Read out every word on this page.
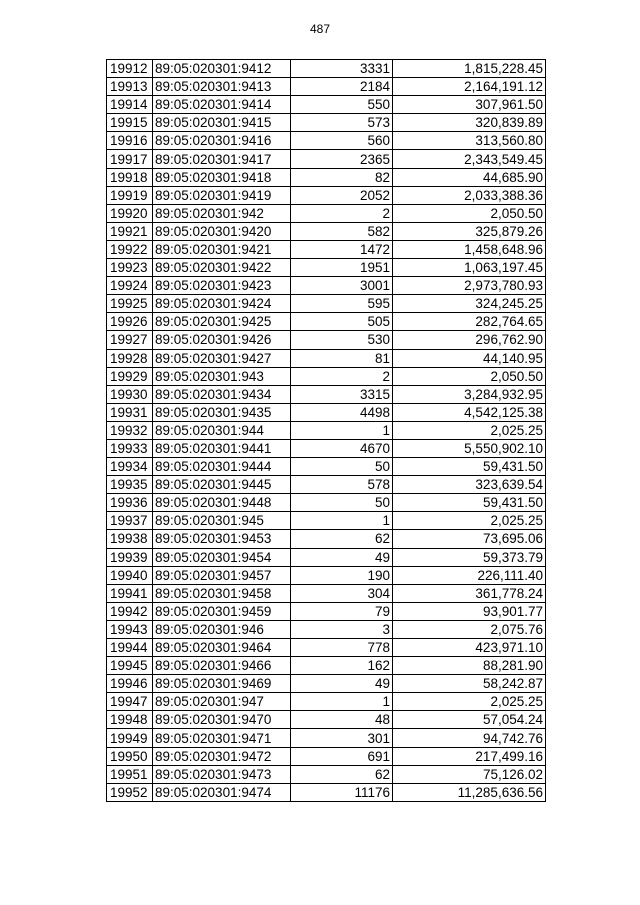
487
19912	89:05:020301:9412	3331	1,815,228.45
19913	89:05:020301:9413	2184	2,164,191.12
19914	89:05:020301:9414	550	307,961.50
19915	89:05:020301:9415	573	320,839.89
19916	89:05:020301:9416	560	313,560.80
19917	89:05:020301:9417	2365	2,343,549.45
19918	89:05:020301:9418	82	44,685.90
19919	89:05:020301:9419	2052	2,033,388.36
19920	89:05:020301:942	2	2,050.50
19921	89:05:020301:9420	582	325,879.26
19922	89:05:020301:9421	1472	1,458,648.96
19923	89:05:020301:9422	1951	1,063,197.45
19924	89:05:020301:9423	3001	2,973,780.93
19925	89:05:020301:9424	595	324,245.25
19926	89:05:020301:9425	505	282,764.65
19927	89:05:020301:9426	530	296,762.90
19928	89:05:020301:9427	81	44,140.95
19929	89:05:020301:943	2	2,050.50
19930	89:05:020301:9434	3315	3,284,932.95
19931	89:05:020301:9435	4498	4,542,125.38
19932	89:05:020301:944	1	2,025.25
19933	89:05:020301:9441	4670	5,550,902.10
19934	89:05:020301:9444	50	59,431.50
19935	89:05:020301:9445	578	323,639.54
19936	89:05:020301:9448	50	59,431.50
19937	89:05:020301:945	1	2,025.25
19938	89:05:020301:9453	62	73,695.06
19939	89:05:020301:9454	49	59,373.79
19940	89:05:020301:9457	190	226,111.40
19941	89:05:020301:9458	304	361,778.24
19942	89:05:020301:9459	79	93,901.77
19943	89:05:020301:946	3	2,075.76
19944	89:05:020301:9464	778	423,971.10
19945	89:05:020301:9466	162	88,281.90
19946	89:05:020301:9469	49	58,242.87
19947	89:05:020301:947	1	2,025.25
19948	89:05:020301:9470	48	57,054.24
19949	89:05:020301:9471	301	94,742.76
19950	89:05:020301:9472	691	217,499.16
19951	89:05:020301:9473	62	75,126.02
19952	89:05:020301:9474	11176	11,285,636.56
